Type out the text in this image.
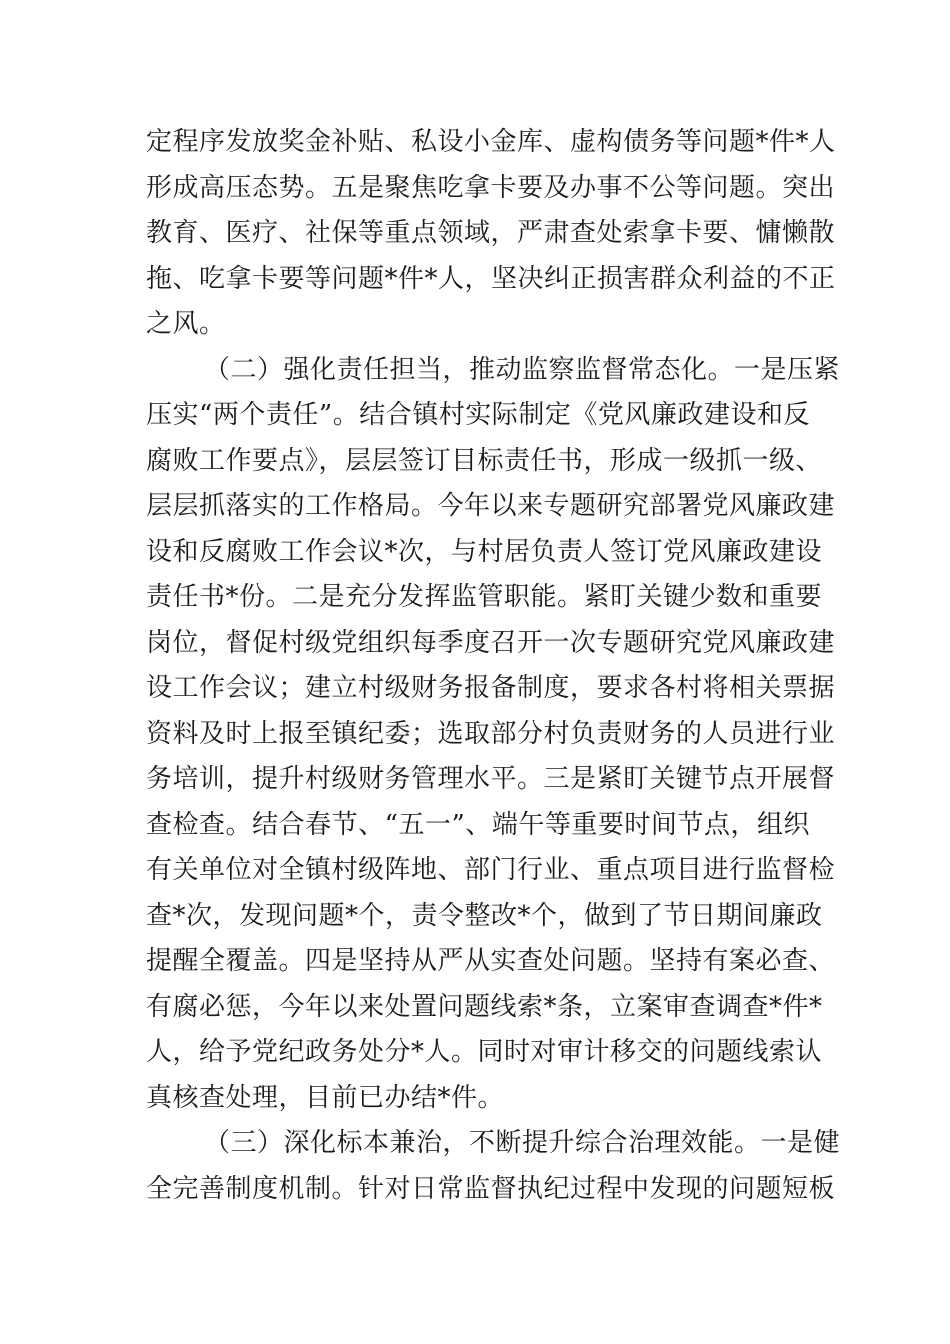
定程序发放奖金补贴、私设小金库、虚构债务等问题*件*人
形成高压态势。五是聚焦吃拿卡要及办事不公等问题。突出
教育、医疗、社保等重点领域，严肃查处索拿卡要、慵懒散
拖、吃拿卡要等问题*件*人，坚决纠正损害群众利益的不正
之风。
（二）强化责任担当，推动监察监督常态化。一是压紧
压实“两个责任”。结合镇村实际制定《党风廉政建设和反
腐败工作要点》，层层签订目标责任书，形成一级抓一级、
层层抓落实的工作格局。今年以来专题研究部署党风廉政建
设和反腐败工作会议*次，与村居负责人签订党风廉政建设
责任书*份。二是充分发挥监管职能。紧盯关键少数和重要
岗位，督促村级党组织每季度召开一次专题研究党风廉政建
设工作会议；建立村级财务报备制度，要求各村将相关票据
资料及时上报至镇纪委；选取部分村负责财务的人员进行业
务培训，提升村级财务管理水平。三是紧盯关键节点开展督
查检查。结合春节、“五一”、端午等重要时间节点，组织
有关单位对全镇村级阵地、部门行业、重点项目进行监督检
查*次，发现问题*个，责令整改*个，做到了节日期间廉政
提醒全覆盖。四是坚持从严从实查处问题。坚持有案必查、
有腐必惩，今年以来处置问题线索*条，立案审查调查*件*
人，给予党纪政务处分*人。同时对审计移交的问题线索认
真核查处理，目前已办结*件。
（三）深化标本兼治，不断提升综合治理效能。一是健
全完善制度机制。针对日常监督执纪过程中发现的问题短板
